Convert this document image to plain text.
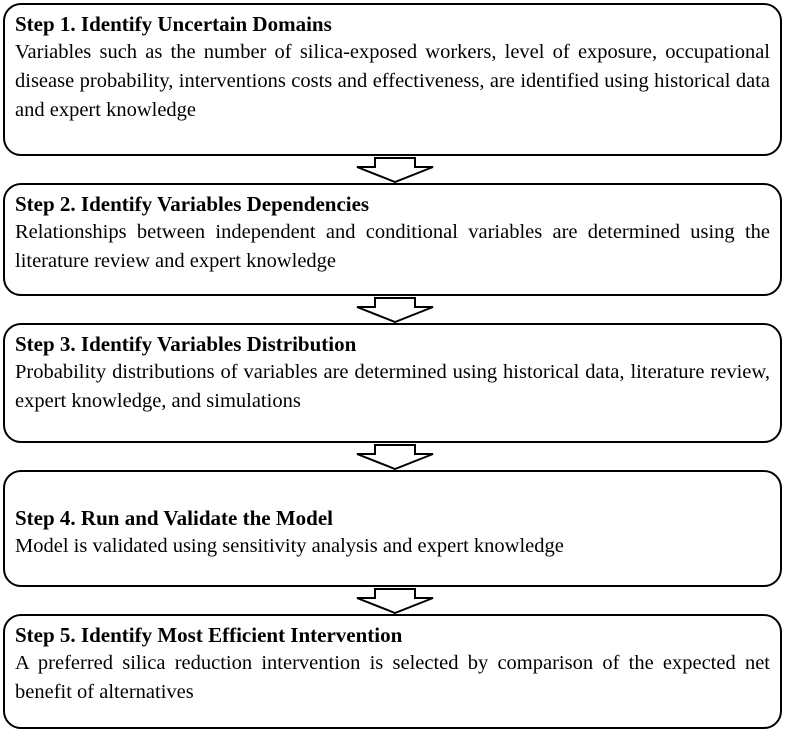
Step 1. Identify Uncertain Domains

Variables such as the number of silica-exposed workers, level of exposure, occupational disease probability, interventions costs and effectiveness, are identified using historical data and expert knowledge

Step 2. Identify Variables Dependencies

Relationships between independent and conditional variables are determined using the literature review and expert knowledge

Step 3. Identify Variables Distribution

Probability distributions of variables are determined using historical data, literature review, expert knowledge, and simulations

Step 4. Run and Validate the Model

Model is validated using sensitivity analysis and expert knowledge

Step 5. Identify Most Efficient Intervention

A preferred silica reduction intervention is selected by comparison of the expected net benefit of alternatives
